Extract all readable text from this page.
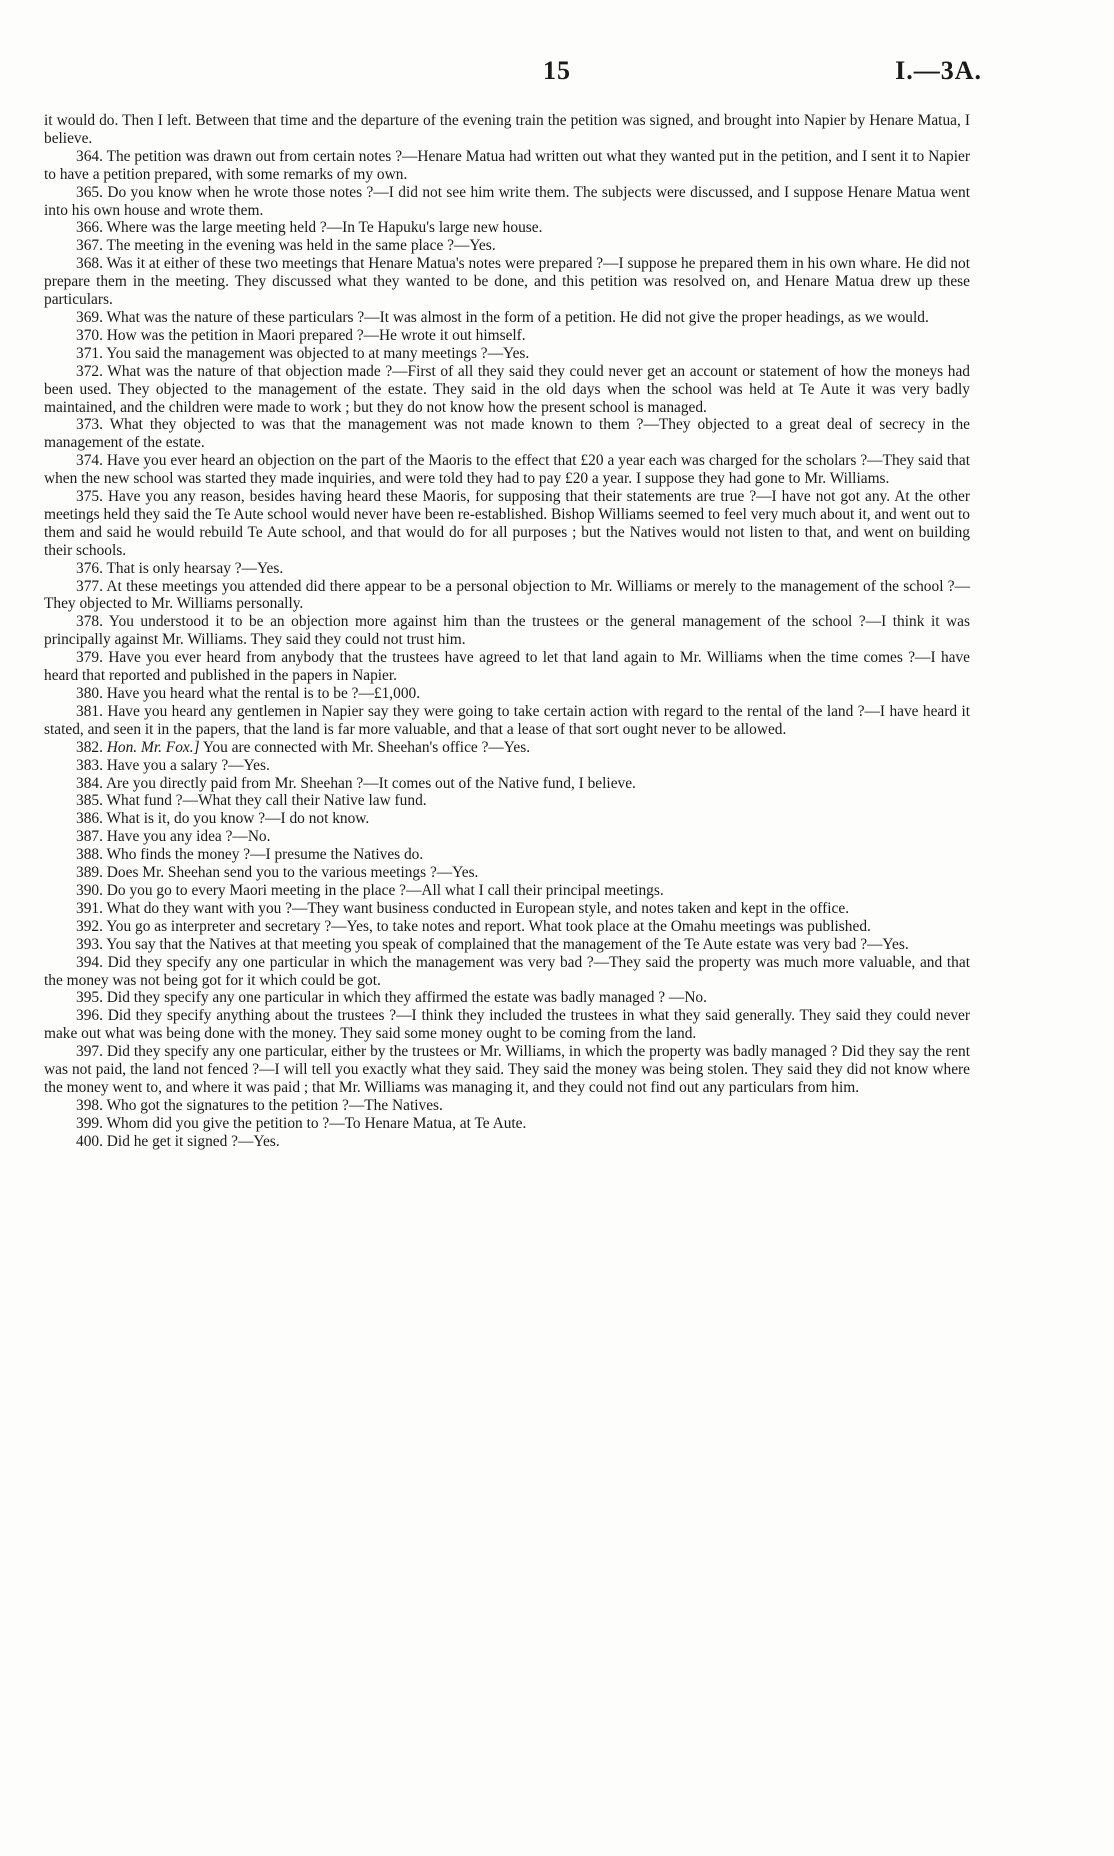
15	I.—3A.

it would do. Then I left. Between that time and the departure of the evening train the petition was signed, and brought into Napier by Henare Matua, I believe.

364. The petition was drawn out from certain notes ?—Henare Matua had written out what they wanted put in the petition, and I sent it to Napier to have a petition prepared, with some remarks of my own.

365. Do you know when he wrote those notes ?—I did not see him write them. The subjects were discussed, and I suppose Henare Matua went into his own house and wrote them.

366. Where was the large meeting held ?—In Te Hapuku's large new house.

367. The meeting in the evening was held in the same place ?—Yes.

368. Was it at either of these two meetings that Henare Matua's notes were prepared ?—I suppose he prepared them in his own whare. He did not prepare them in the meeting. They discussed what they wanted to be done, and this petition was resolved on, and Henare Matua drew up these particulars.

369. What was the nature of these particulars ?—It was almost in the form of a petition. He did not give the proper headings, as we would.

370. How was the petition in Maori prepared ?—He wrote it out himself.

371. You said the management was objected to at many meetings ?—Yes.

372. What was the nature of that objection made ?—First of all they said they could never get an account or statement of how the moneys had been used. They objected to the management of the estate. They said in the old days when the school was held at Te Aute it was very badly maintained, and the children were made to work ; but they do not know how the present school is managed.

373. What they objected to was that the management was not made known to them ?—They objected to a great deal of secrecy in the management of the estate.

374. Have you ever heard an objection on the part of the Maoris to the effect that £20 a year each was charged for the scholars ?—They said that when the new school was started they made inquiries, and were told they had to pay £20 a year. I suppose they had gone to Mr. Williams.

375. Have you any reason, besides having heard these Maoris, for supposing that their statements are true ?—I have not got any. At the other meetings held they said the Te Aute school would never have been re-established. Bishop Williams seemed to feel very much about it, and went out to them and said he would rebuild Te Aute school, and that would do for all purposes ; but the Natives would not listen to that, and went on building their schools.

376. That is only hearsay ?—Yes.

377. At these meetings you attended did there appear to be a personal objection to Mr. Williams or merely to the management of the school ?—They objected to Mr. Williams personally.

378. You understood it to be an objection more against him than the trustees or the general management of the school ?—I think it was principally against Mr. Williams. They said they could not trust him.

379. Have you ever heard from anybody that the trustees have agreed to let that land again to Mr. Williams when the time comes ?—I have heard that reported and published in the papers in Napier.

380. Have you heard what the rental is to be ?—£1,000.

381. Have you heard any gentlemen in Napier say they were going to take certain action with regard to the rental of the land ?—I have heard it stated, and seen it in the papers, that the land is far more valuable, and that a lease of that sort ought never to be allowed.

382. Hon. Mr. Fox.] You are connected with Mr. Sheehan's office ?—Yes.

383. Have you a salary ?—Yes.

384. Are you directly paid from Mr. Sheehan ?—It comes out of the Native fund, I believe.

385. What fund ?—What they call their Native law fund.

386. What is it, do you know ?—I do not know.

387. Have you any idea ?—No.

388. Who finds the money ?—I presume the Natives do.

389. Does Mr. Sheehan send you to the various meetings ?—Yes.

390. Do you go to every Maori meeting in the place ?—All what I call their principal meetings.

391. What do they want with you ?—They want business conducted in European style, and notes taken and kept in the office.

392. You go as interpreter and secretary ?—Yes, to take notes and report. What took place at the Omahu meetings was published.

393. You say that the Natives at that meeting you speak of complained that the management of the Te Aute estate was very bad ?—Yes.

394. Did they specify any one particular in which the management was very bad ?—They said the property was much more valuable, and that the money was not being got for it which could be got.

395. Did they specify any one particular in which they affirmed the estate was badly managed ? —No.

396. Did they specify anything about the trustees ?—I think they included the trustees in what they said generally. They said they could never make out what was being done with the money. They said some money ought to be coming from the land.

397. Did they specify any one particular, either by the trustees or Mr. Williams, in which the property was badly managed ? Did they say the rent was not paid, the land not fenced ?—I will tell you exactly what they said. They said the money was being stolen. They said they did not know where the money went to, and where it was paid ; that Mr. Williams was managing it, and they could not find out any particulars from him.

398. Who got the signatures to the petition ?—The Natives.

399. Whom did you give the petition to ?—To Henare Matua, at Te Aute.

400. Did he get it signed ?—Yes.
